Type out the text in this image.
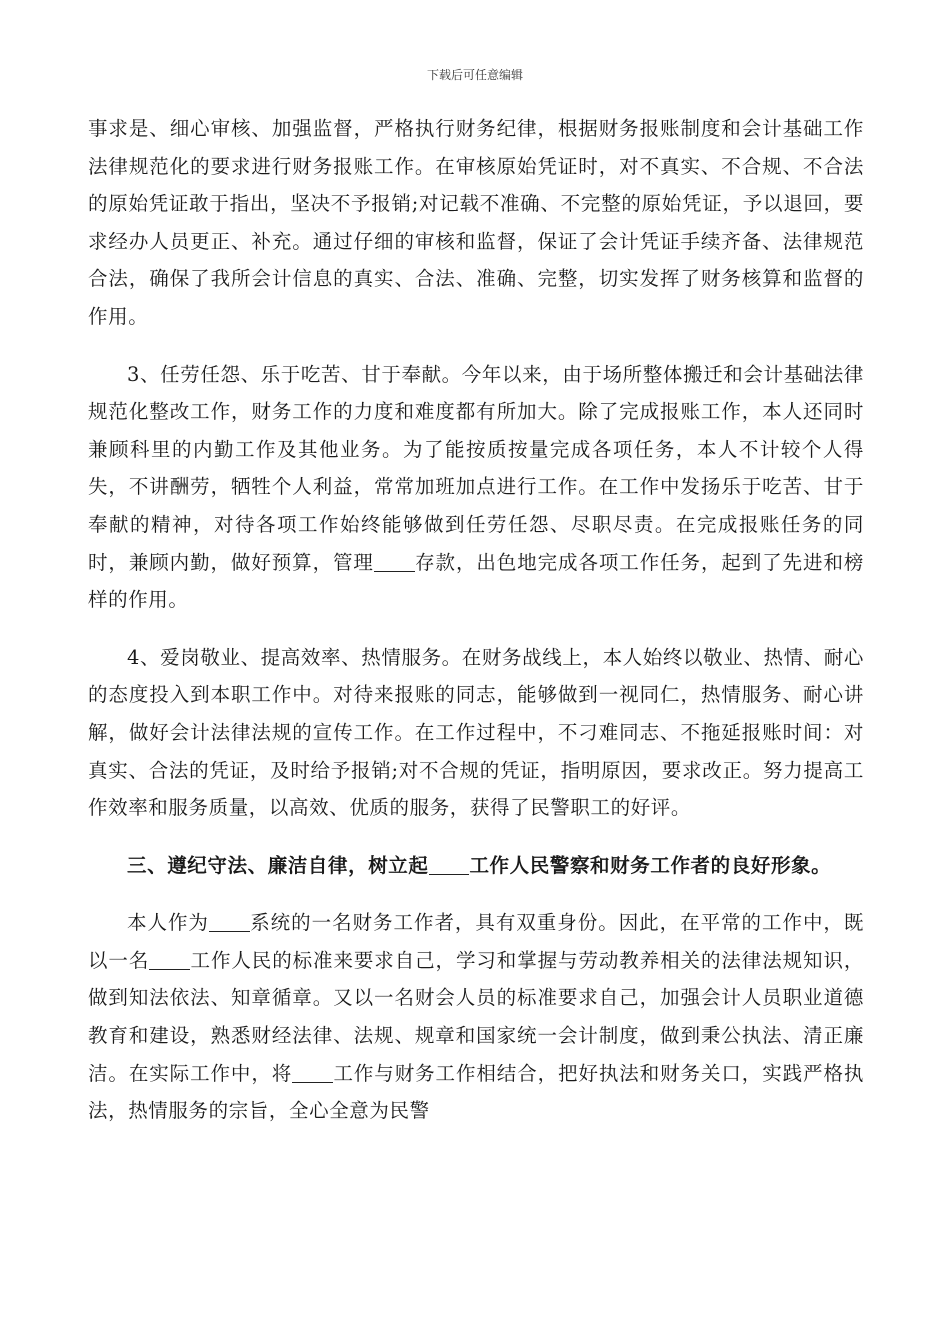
下载后可任意编辑

事求是、细心审核、加强监督，严格执行财务纪律，根据财务报账制度和会计基础工作法律规范化的要求进行财务报账工作。在审核原始凭证时，对不真实、不合规、不合法的原始凭证敢于指出，坚决不予报销;对记载不准确、不完整的原始凭证，予以退回，要求经办人员更正、补充。通过仔细的审核和监督，保证了会计凭证手续齐备、法律规范合法，确保了我所会计信息的真实、合法、准确、完整，切实发挥了财务核算和监督的作用。

3、任劳任怨、乐于吃苦、甘于奉献。今年以来，由于场所整体搬迁和会计基础法律规范化整改工作，财务工作的力度和难度都有所加大。除了完成报账工作，本人还同时兼顾科里的内勤工作及其他业务。为了能按质按量完成各项任务，本人不计较个人得失，不讲酬劳，牺牲个人利益，常常加班加点进行工作。在工作中发扬乐于吃苦、甘于奉献的精神，对待各项工作始终能够做到任劳任怨、尽职尽责。在完成报账任务的同时，兼顾内勤，做好预算，管理 存款，出色地完成各项工作任务，起到了先进和榜样的作用。

4、爱岗敬业、提高效率、热情服务。在财务战线上，本人始终以敬业、热情、耐心的态度投入到本职工作中。对待来报账的同志，能够做到一视同仁，热情服务、耐心讲解，做好会计法律法规的宣传工作。在工作过程中，不刁难同志、不拖延报账时间：对真实、合法的凭证，及时给予报销;对不合规的凭证，指明原因，要求改正。努力提高工作效率和服务质量，以高效、优质的服务，获得了民警职工的好评。

三、遵纪守法、廉洁自律，树立起 工作人民警察和财务工作者的良好形象。

本人作为 系统的一名财务工作者，具有双重身份。因此，在平常的工作中，既以一名 工作人民的标准来要求自己，学习和掌握与劳动教养相关的法律法规知识，做到知法依法、知章循章。又以一名财会人员的标准要求自己，加强会计人员职业道德教育和建设，熟悉财经法律、法规、规章和国家统一会计制度，做到秉公执法、清正廉洁。在实际工作中，将 工作与财务工作相结合，把好执法和财务关口，实践严格执法，热情服务的宗旨，全心全意为民警
